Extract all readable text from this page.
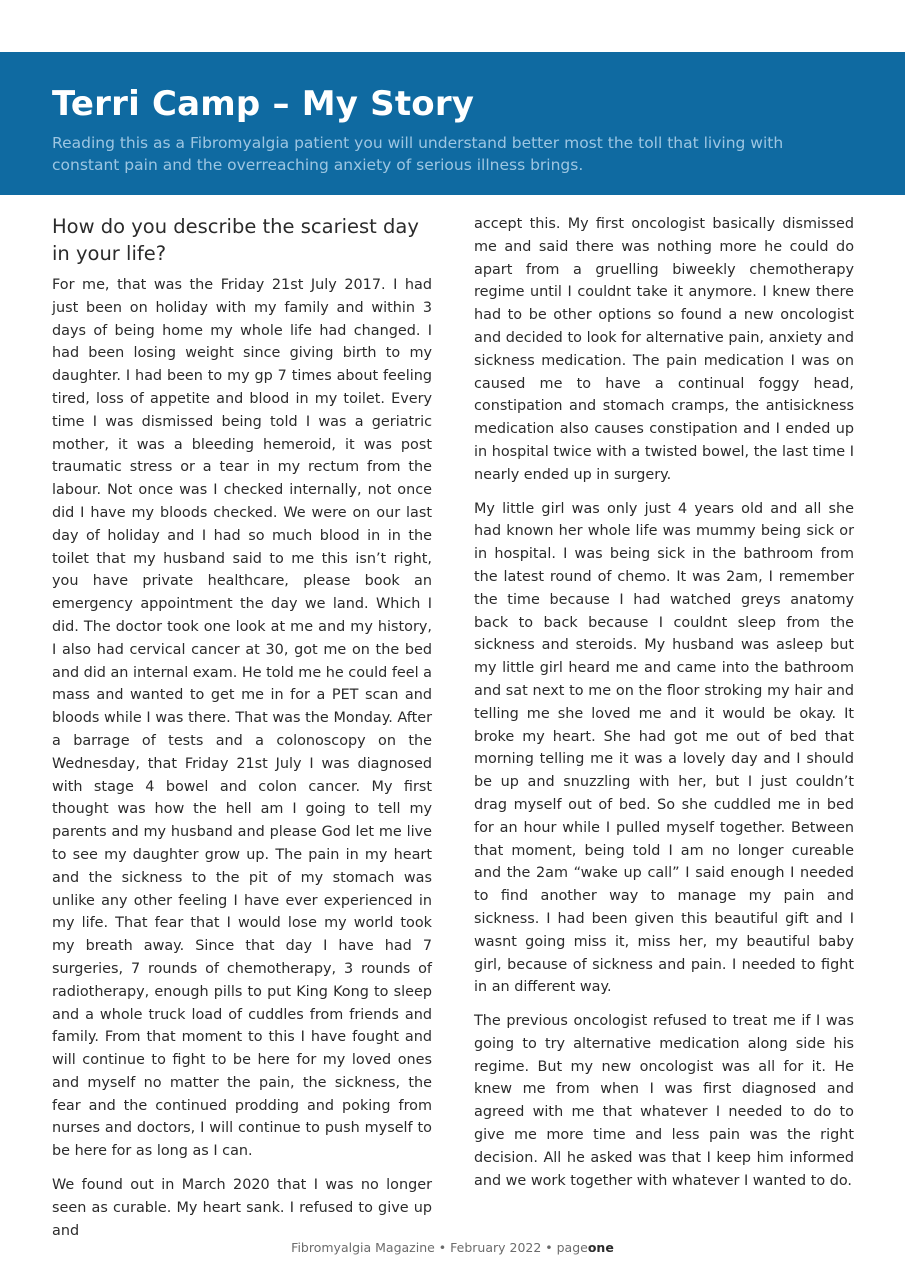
Terri Camp – My Story

Reading this as a Fibromyalgia patient you will understand better most the toll that living with constant pain and the overreaching anxiety of serious illness brings.

How do you describe the scariest day in your life?

For me, that was the Friday 21st July 2017. I had just been on holiday with my family and within 3 days of being home my whole life had changed. I had been losing weight since giving birth to my daughter. I had been to my gp 7 times about feeling tired, loss of appetite and blood in my toilet. Every time I was dismissed being told I was a geriatric mother, it was a bleeding hemeroid, it was post traumatic stress or a tear in my rectum from the labour. Not once was I checked internally, not once did I have my bloods checked. We were on our last day of holiday and I had so much blood in in the toilet that my husband said to me this isn’t right, you have private healthcare, please book an emergency appointment the day we land. Which I did. The doctor took one look at me and my history, I also had cervical cancer at 30, got me on the bed and did an internal exam. He told me he could feel a mass and wanted to get me in for a PET scan and bloods while I was there. That was the Monday. After a barrage of tests and a colonoscopy on the Wednesday, that Friday 21st July I was diagnosed with stage 4 bowel and colon cancer. My first thought was how the hell am I going to tell my parents and my husband and please God let me live to see my daughter grow up. The pain in my heart and the sickness to the pit of my stomach was unlike any other feeling I have ever experienced in my life. That fear that I would lose my world took my breath away. Since that day I have had 7 surgeries, 7 rounds of chemotherapy, 3 rounds of radiotherapy, enough pills to put King Kong to sleep and a whole truck load of cuddles from friends and family. From that moment to this I have fought and will continue to fight to be here for my loved ones and myself no matter the pain, the sickness, the fear and the continued prodding and poking from nurses and doctors, I will continue to push myself to be here for as long as I can.

We found out in March 2020 that I was no longer seen as curable. My heart sank. I refused to give up and

accept this. My first oncologist basically dismissed me and said there was nothing more he could do apart from a gruelling biweekly chemotherapy regime until I couldnt take it anymore. I knew there had to be other options so found a new oncologist and decided to look for alternative pain, anxiety and sickness medication. The pain medication I was on caused me to have a continual foggy head, constipation and stomach cramps, the antisickness medication also causes constipation and I ended up in hospital twice with a twisted bowel, the last time I nearly ended up in surgery.

My little girl was only just 4 years old and all she had known her whole life was mummy being sick or in hospital. I was being sick in the bathroom from the latest round of chemo. It was 2am, I remember the time because I had watched greys anatomy back to back because I couldnt sleep from the sickness and steroids. My husband was asleep but my little girl heard me and came into the bathroom and sat next to me on the floor stroking my hair and telling me she loved me and it would be okay. It broke my heart. She had got me out of bed that morning telling me it was a lovely day and I should be up and snuzzling with her, but I just couldn’t drag myself out of bed. So she cuddled me in bed for an hour while I pulled myself together. Between that moment, being told I am no longer cureable and the 2am “wake up call” I said enough I needed to find another way to manage my pain and sickness. I had been given this beautiful gift and I wasnt going miss it, miss her, my beautiful baby girl, because of sickness and pain. I needed to fight in an different way.

The previous oncologist refused to treat me if I was going to try alternative medication along side his regime. But my new oncologist was all for it. He knew me from when I was first diagnosed and agreed with me that whatever I needed to do to give me more time and less pain was the right decision. All he asked was that I keep him informed and we work together with whatever I wanted to do.

Fibromyalgia Magazine • February 2022 • pageone
